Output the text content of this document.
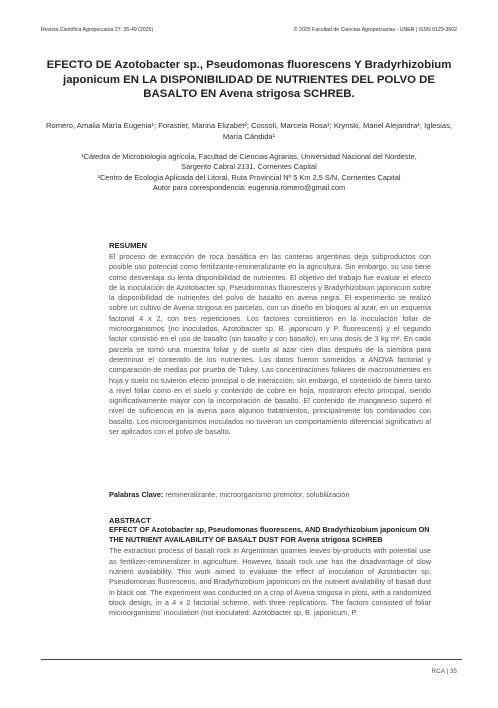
Revista Científica Agropecuaria 27: 35-49 (2025)	© 2025 Facultad de Ciencias Agropecuarias - UNER | ISSN 0129-3602
EFECTO DE Azotobacter sp., Pseudomonas fluorescens Y Bradyrhizobium japonicum EN LA DISPONIBILIDAD DE NUTRIENTES DEL POLVO DE BASALTO EN Avena strigosa SCHREB.
Romero, Amalia María Eugenia¹; Forastier, Marina Elizabet²; Cossoli, Marcela Rosa¹; Krynski, Mariel Alejandra¹; Iglesias, María Cándida¹
¹Cátedra de Microbiología agrícola, Facultad de Ciencias Agrarias, Universidad Nacional del Nordeste,
Sargento Cabral 2131, Corrientes Capital
²Centro de Ecología Aplicada del Litoral, Ruta Provincial Nº 5 Km 2,5 S/N, Corrientes Capital
Autor para correspondencia: eugennia.romero@gmail.com
RESUMEN
El proceso de extracción de roca basáltica en las canteras argentinas deja subproductos con posible uso potencial como fertilizante-remineralizante en la agricultura. Sin embargo, su uso tiene como desventaja su lenta disponibilidad de nutrientes. El objetivo del trabajo fue evaluar el efecto de la inoculación de Azotobacter sp, Pseudomonas fluorescens y Bradyrhizobium japonicum sobre la disponibilidad de nutrientes del polvo de basalto en avena negra. El experimento se realizó sobre un cultivo de Avena strigosa en parcelas, con un diseño en bloques al azar, en un esquema factorial 4 x 2, con tres repeticiones. Los factores consistieron en la inoculación foliar de microorganismos (no inoculados, Azotobacter sp, B. japonicum y P. fluorescens) y el segundo factor consistió en el uso de basalto (sin basalto y con basalto), en una dosis de 3 kg m². En cada parcela se tomó una muestra foliar y de suelo al azar cien días después de la siembra para determinar el contenido de los nutrientes. Los datos fueron sometidos a ANOVA factorial y comparación de medias por prueba de Tukey. Las concentraciones foliares de macronutrientes en hoja y suelo no tuvieron efecto principal o de interacción; sin embargo, el contenido de hierro tanto a nivel foliar como en el suelo y contenido de cobre en hoja, mostraron efecto principal, siendo significativamente mayor con la incorporación de basalto. El contenido de manganeso superó el nivel de suficiencia en la avena para algunos tratamientos, principalmente los combinados con basalto. Los microorganismos inoculados no tuvieron un comportamiento diferencial significativo al ser aplicados con el polvo de basalto.
Palabras Clave: remineralizante, microorganismo promotor, solubilización
ABSTRACT
EFFECT OF Azotobacter sp, Pseudomonas fluorescens, AND Bradyrhizobium japonicum ON THE NUTRIENT AVAILABILITY OF BASALT DUST FOR Avena strigosa SCHREB
The extraction process of basalt rock in Argentinian quarries leaves by-products with potential use as fertilizer-remineralizer in agriculture. However, basalt rock use has the disadvantage of slow nutrient availability. This work aimed to evaluate the effect of inoculation of Azotobacter sp, Pseudomonas fluorescens, and Bradyrhizobium japonicum on the nutrient availability of basalt dust in black oat. The experiment was conducted on a crop of Avena strigosa in plots, with a randomized block design, in a 4 x 2 factorial scheme, with three replications. The factors consisted of foliar microorganisms' inoculation (not inoculated: Azotobacter sp, B. japonicum, P.
RCA | 35
